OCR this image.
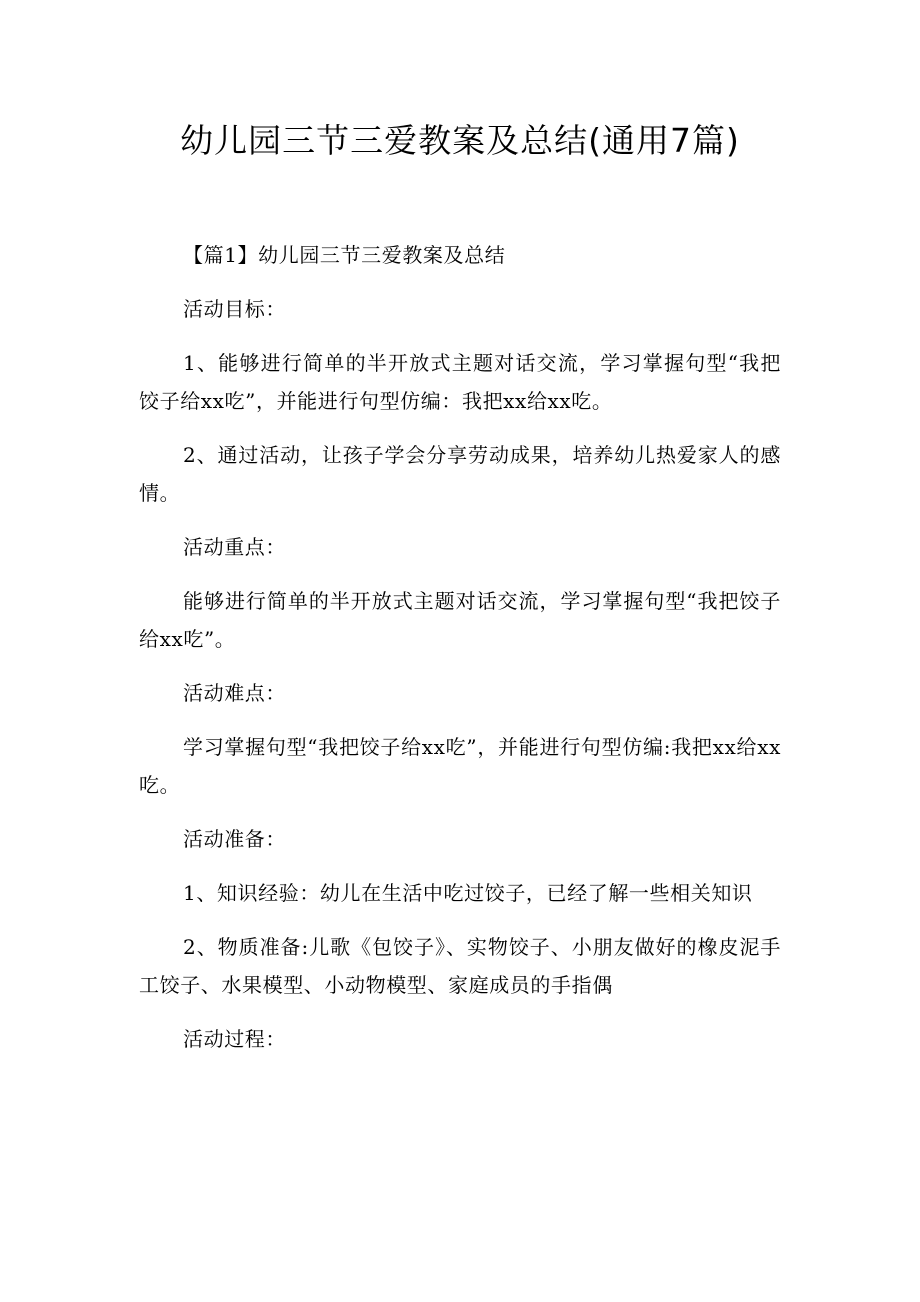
幼儿园三节三爱教案及总结(通用7篇)

【篇1】幼儿园三节三爱教案及总结

活动目标：

1、能够进行简单的半开放式主题对话交流，学习掌握句型“我把饺子给xx吃”，并能进行句型仿编：我把xx给xx吃。

2、通过活动，让孩子学会分享劳动成果，培养幼儿热爱家人的感情。

活动重点：

能够进行简单的半开放式主题对话交流，学习掌握句型“我把饺子给xx吃”。

活动难点：

学习掌握句型“我把饺子给xx吃”，并能进行句型仿编:我把xx给xx吃。

活动准备：

1、知识经验：幼儿在生活中吃过饺子，已经了解一些相关知识

2、物质准备:儿歌《包饺子》、实物饺子、小朋友做好的橡皮泥手工饺子、水果模型、小动物模型、家庭成员的手指偶

活动过程：
